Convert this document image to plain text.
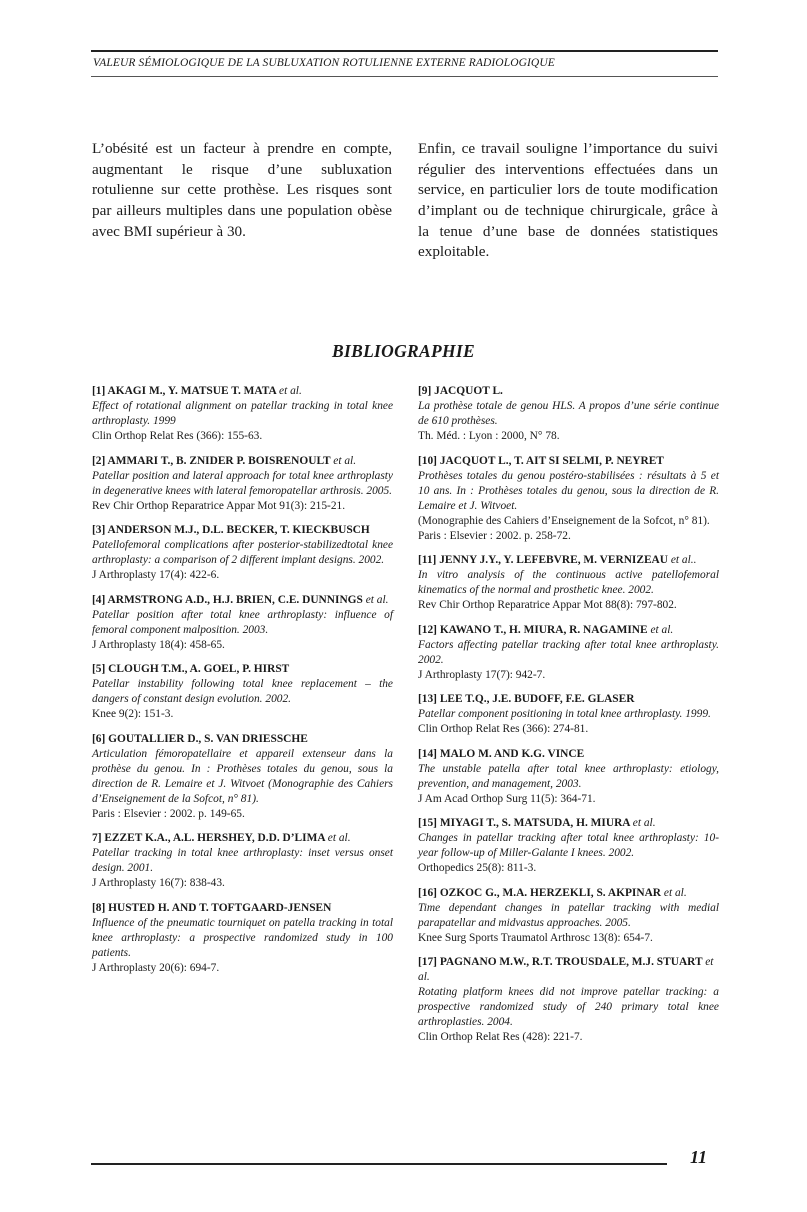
VALEUR SÉMIOLOGIQUE DE LA SUBLUXATION ROTULIENNE EXTERNE RADIOLOGIQUE

L’obésité est un facteur à prendre en compte, augmentant le risque d’une subluxation rotulienne sur cette prothèse. Les risques sont par ailleurs multiples dans une population obèse avec BMI supérieur à 30.

Enfin, ce travail souligne l’importance du suivi régulier des interventions effectuées dans un service, en particulier lors de toute modification d’implant ou de technique chirurgicale, grâce à la tenue d’une base de données statistiques exploitable.

BIBLIOGRAPHIE
[1] AKAGI M., Y. MATSUE T. MATA et al.
Effect of rotational alignment on patellar tracking in total knee arthroplasty. 1999
Clin Orthop Relat Res (366): 155-63.
[2] AMMARI T., B. ZNIDER P. BOISRENOULT et al.
Patellar position and lateral approach for total knee arthroplasty in degenerative knees with lateral femoropatellar arthrosis. 2005.
Rev Chir Orthop Reparatrice Appar Mot 91(3): 215-21.
[3] ANDERSON M.J., D.L. BECKER, T. KIECKBUSCH
Patellofemoral complications after posterior-stabilizedtotal knee arthroplasty: a comparison of 2 different implant designs. 2002.
J Arthroplasty 17(4): 422-6.
[4] ARMSTRONG A.D., H.J. BRIEN, C.E. DUNNINGS et al.
Patellar position after total knee arthroplasty: influence of femoral component malposition. 2003.
J Arthroplasty 18(4): 458-65.
[5] CLOUGH T.M., A. GOEL, P. HIRST
Patellar instability following total knee replacement – the dangers of constant design evolution. 2002.
Knee 9(2): 151-3.
[6] GOUTALLIER D., S. VAN DRIESSCHE
Articulation fémoropatellaire et appareil extenseur dans la prothèse du genou. In : Prothèses totales du genou, sous la direction de R. Lemaire et J. Witvoet (Monographie des Cahiers d’Enseignement de la Sofcot, n° 81).
Paris : Elsevier : 2002. p. 149-65.
7] EZZET K.A., A.L. HERSHEY, D.D. D’LIMA et al.
Patellar tracking in total knee arthroplasty: inset versus onset design. 2001.
J Arthroplasty 16(7): 838-43.
[8] HUSTED H. AND T. TOFTGAARD-JENSEN
Influence of the pneumatic tourniquet on patella tracking in total knee arthroplasty: a prospective randomized study in 100 patients.
J Arthroplasty 20(6): 694-7.
[9] JACQUOT L.
La prothèse totale de genou HLS. A propos d’une série continue de 610 prothèses.
Th. Méd. : Lyon : 2000, N° 78.
[10] JACQUOT L., T. AIT SI SELMI, P. NEYRET
Prothèses totales du genou postéro-stabilisées : résultats à 5 et 10 ans. In : Prothèses totales du genou, sous la direction de R. Lemaire et J. Witvoet.
(Monographie des Cahiers d’Enseignement de la Sofcot, n° 81). Paris : Elsevier : 2002. p. 258-72.
[11] JENNY J.Y., Y. LEFEBVRE, M. VERNIZEAU et al..
In vitro analysis of the continuous active patellofemoral kinematics of the normal and prosthetic knee. 2002.
Rev Chir Orthop Reparatrice Appar Mot 88(8): 797-802.
[12] KAWANO T., H. MIURA, R. NAGAMINE et al.
Factors affecting patellar tracking after total knee arthroplasty. 2002.
J Arthroplasty 17(7): 942-7.
[13] LEE T.Q., J.E. BUDOFF, F.E. GLASER
Patellar component positioning in total knee arthroplasty. 1999.
Clin Orthop Relat Res (366): 274-81.
[14] MALO M. AND K.G. VINCE
The unstable patella after total knee arthroplasty: etiology, prevention, and management, 2003.
J Am Acad Orthop Surg 11(5): 364-71.
[15] MIYAGI T., S. MATSUDA, H. MIURA et al.
Changes in patellar tracking after total knee arthroplasty: 10-year follow-up of Miller-Galante I knees. 2002.
Orthopedics 25(8): 811-3.
[16] OZKOC G., M.A. HERZEKLI, S. AKPINAR et al.
Time dependant changes in patellar tracking with medial parapatellar and midvastus approaches. 2005.
Knee Surg Sports Traumatol Arthrosc 13(8): 654-7.
[17] PAGNANO M.W., R.T. TROUSDALE, M.J. STUART et al.
Rotating platform knees did not improve patellar tracking: a prospective randomized study of 240 primary total knee arthroplasties. 2004.
Clin Orthop Relat Res (428): 221-7.
11
